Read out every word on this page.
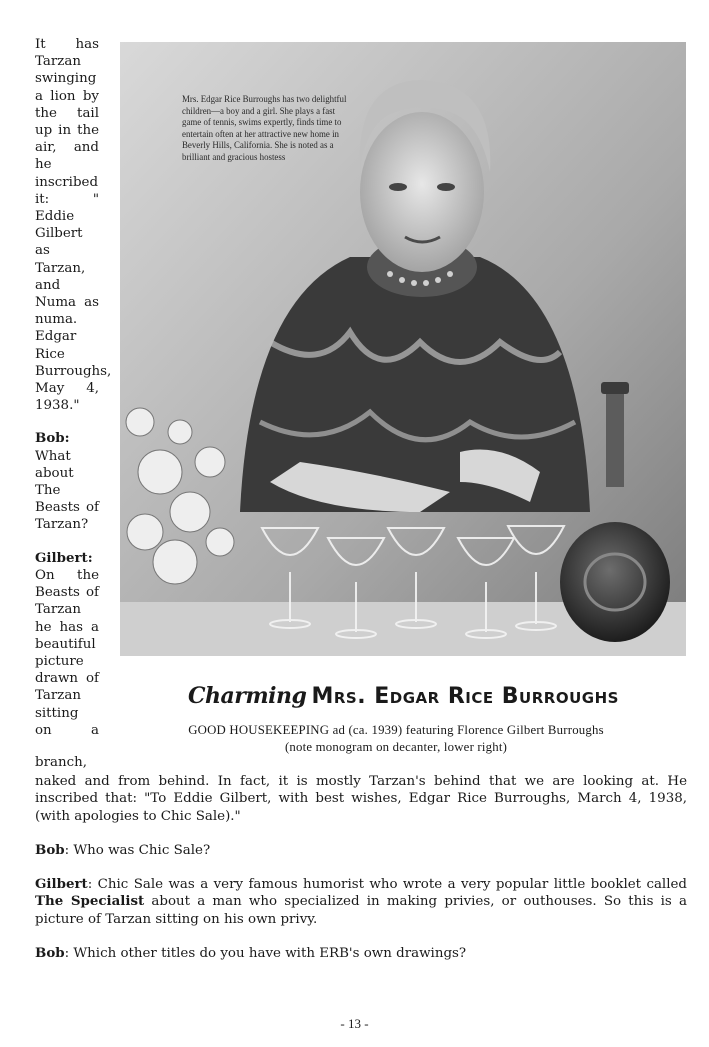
It has Tarzan swinging a lion by the tail up in the air, and he inscribed it: " Eddie Gilbert as Tarzan, and Numa as numa. Edgar Rice Burroughs, May 4, 1938."

Bob: What about The Beasts of Tarzan?

Gilbert: On the Beasts of Tarzan he has a beautiful picture drawn of Tarzan sitting on a

Mrs. Edgar Rice Burroughs has two delightful children—a boy and a girl. She plays a fast game of tennis, swims expertly, finds time to entertain often at her attractive new home in Beverly Hills, California. She is noted as a brilliant and gracious hostess
Charming Mrs. Edgar Rice Burroughs
GOOD HOUSEKEEPING ad (ca. 1939) featuring Florence Gilbert Burroughs
(note monogram on decanter, lower right)
branch,

naked and from behind. In fact, it is mostly Tarzan's behind that we are looking at. He inscribed that: "To Eddie Gilbert, with best wishes, Edgar Rice Burroughs, March 4, 1938, (with apologies to Chic Sale)."

Bob: Who was Chic Sale?

Gilbert: Chic Sale was a very famous humorist who wrote a very popular little booklet called The Specialist about a man who specialized in making privies, or outhouses. So this is a picture of Tarzan sitting on his own privy.

Bob: Which other titles do you have with ERB's own drawings?

- 13 -
